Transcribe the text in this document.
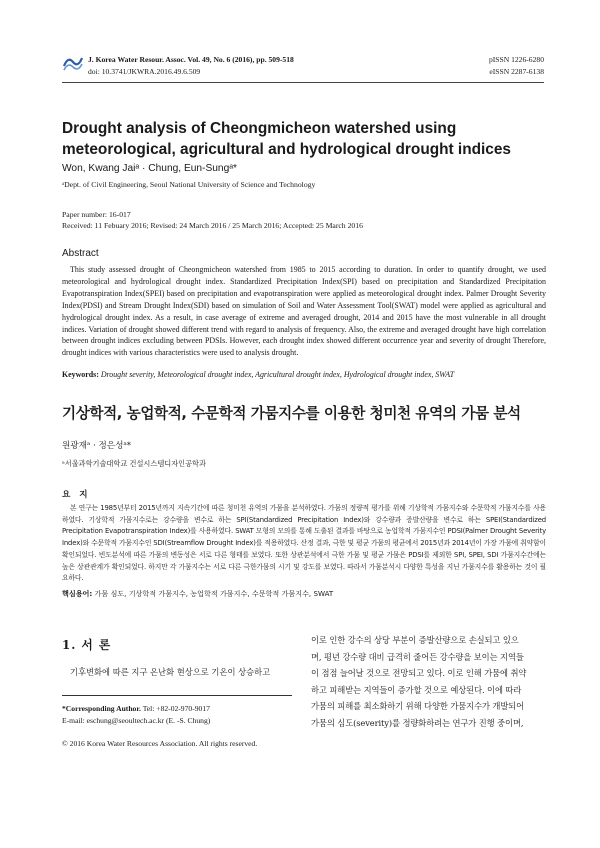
J. Korea Water Resour. Assoc. Vol. 49, No. 6 (2016), pp. 509-518
doi: 10.3741/JKWRA.2016.49.6.509
pISSN 1226-6280
eISSN 2287-6138
Drought analysis of Cheongmicheon watershed using meteorological, agricultural and hydrological drought indices
Won, Kwang Jaiᵃ · Chung, Eun-Sungᵃ*
ᵃDept. of Civil Engineering, Seoul National University of Science and Technology
Paper number: 16-017
Received: 11 Febuary 2016; Revised: 24 March 2016 / 25 March 2016; Accepted: 25 March 2016
Abstract
This study assessed drought of Cheongmicheon watershed from 1985 to 2015 according to duration. In order to quantify drought, we used meteorological and hydrological drought index. Standardized Precipitation Index(SPI) based on precipitation and Standardized Precipitation Evapotranspiration Index(SPEI) based on precipitation and evapotranspiration were applied as meteorological drought index. Palmer Drought Severity Index(PDSI) and Stream Drought Index(SDI) based on simulation of Soil and Water Assessment Tool(SWAT) model were applied as agricultural and hydrological drought index. As a result, in case average of extreme and averaged drought, 2014 and 2015 have the most vulnerable in all drought indices. Variation of drought showed different trend with regard to analysis of frequency. Also, the extreme and averaged drought have high correlation between drought indices excluding between PDSIs. However, each drought index showed different occurrence year and severity of drought Therefore, drought indices with various characteristics were used to analysis drought.
Keywords: Drought severity, Meteorological drought index, Agricultural drought index, Hydrological drought index, SWAT
기상학적, 농업학적, 수문학적 가뭄지수를 이용한 청미천 유역의 가뭄 분석
원광재ᵃ · 정은성ᵃ*
ᵃ서울과학기술대학교 건설시스템디자인공학과
요 지
본 연구는 1985년부터 2015년까지 지속기간에 따른 청미천 유역의 가뭄을 분석하였다. 가뭄의 정량적 평가를 위해 기상학적 가뭄지수와 수문학적 가뭄지수를 사용하였다. 기상학적 가뭄지수로는 강수량을 변수로 하는 SPI(Standardized Precipitation Index)와 강수량과 증발산량을 변수로 하는 SPEI(Standardized Precipitation Evapotranspiration Index)를 사용하였다. SWAT 모형의 모의를 통해 도출된 결과를 바탕으로 농업학적 가뭄지수인 PDSI(Palmer Drought Severity Index)와 수문학적 가뭄지수인 SDI(Streamflow Drought Index)를 적용하였다. 산정 결과, 극한 및 평균 가뭄의 평균에서 2015년과 2014년이 가장 가뭄에 취약함이 확인되었다. 빈도분석에 따른 가뭄의 변동성은 서로 다른 형태를 보였다. 또한 상관분석에서 극한 가뭄 및 평균 가뭄은 PDSI를 제외한 SPI, SPEI, SDI 가뭄지수간에는 높은 상관관계가 확인되었다. 하지만 각 가뭄지수는 서로 다른 극한가뭄의 시기 및 강도를 보였다. 따라서 가뭄분석시 다양한 특성을 지닌 가뭄지수를 활용하는 것이 필요하다.
핵심용어: 가뭄 심도, 기상학적 가뭄지수, 농업학적 가뭄지수, 수문학적 가뭄지수, SWAT
1. 서 론
기후변화에 따른 지구 온난화 현상으로 기온이 상승하고
*Corresponding Author. Tel: +82-02-970-9017
E-mail: eschung@seoultech.ac.kr (E. -S. Chung)
© 2016 Korea Water Resources Association. All rights reserved.
이로 인한 강수의 상당 부분이 증발산량으로 손실되고 있으
며, 평년 강수량 대비 급격히 줄어든 강수량을 보이는 지역들
이 점점 늘어날 것으로 전망되고 있다. 이로 인해 가뭄에 취약
하고 피해받는 지역들이 증가할 것으로 예상된다. 이에 따라
가뭄의 피해를 최소화하기 위해 다양한 가뭄지수가 개발되어
가뭄의 심도(severity)를 정량화하려는 연구가 진행 중이며,
